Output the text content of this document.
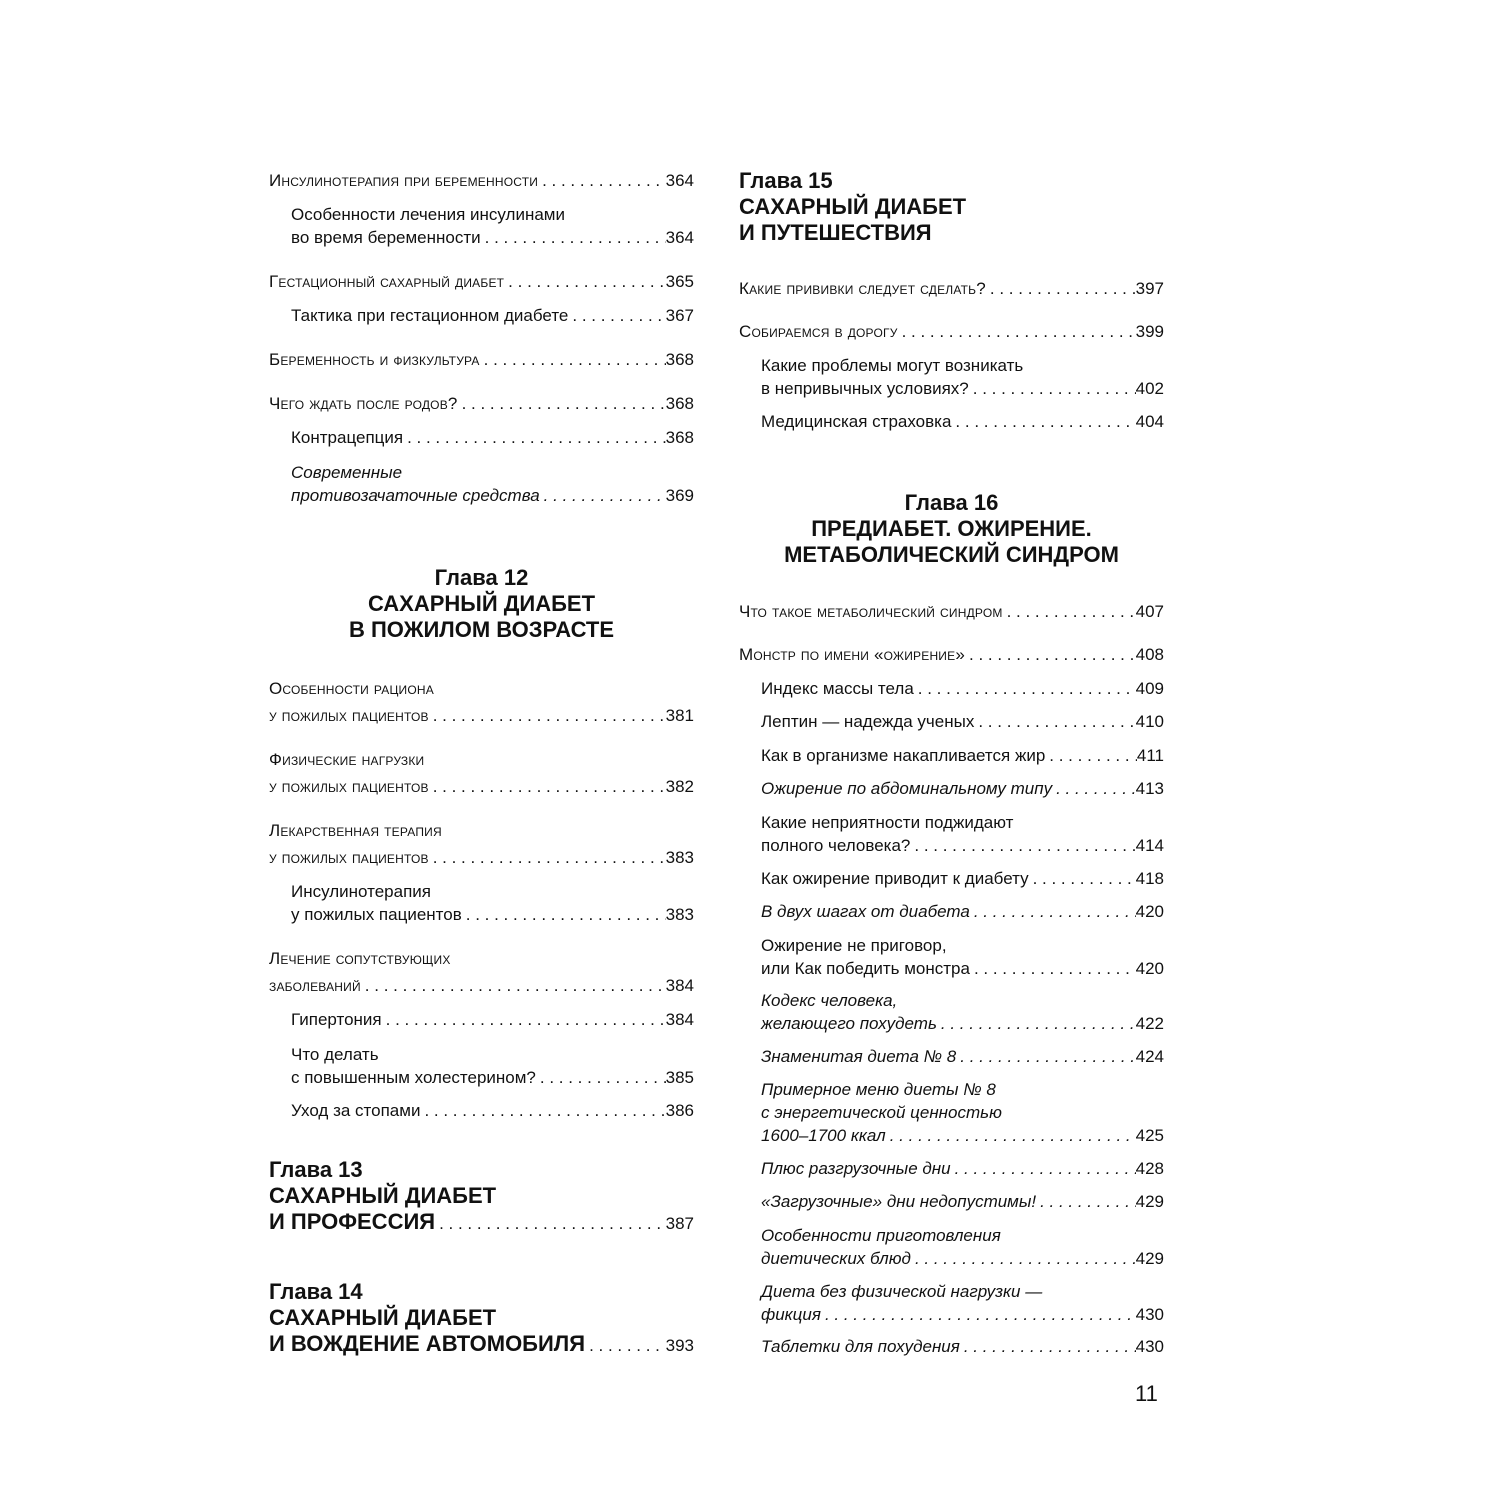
Инсулинотерапия при беременности . . .	364
Особенности лечения инсулинами
во время беременности . . .	364
Гестационный сахарный диабет . . .	365
Тактика при гестационном диабете . . .	367
Беременность и физкультура . . .	368
Чего ждать после родов? . . .	368
Контрацепция . . .	368
Современные
противозачаточные средства . . .	369
Глава 12
САХАРНЫЙ ДИАБЕТ
В ПОЖИЛОМ ВОЗРАСТЕ
Особенности рациона
у пожилых пациентов . . .	381
Физические нагрузки
у пожилых пациентов . . .	382
Лекарственная терапия
у пожилых пациентов . . .	383
Инсулинотерапия
у пожилых пациентов . . .	383
Лечение сопутствующих
заболеваний . . .	384
Гипертония . . .	384
Что делать
с повышенным холестерином? . . .	385
Уход за стопами . . .	386
Глава 13
САХАРНЫЙ ДИАБЕТ
И ПРОФЕССИЯ . . .	387
Глава 14
САХАРНЫЙ ДИАБЕТ
И ВОЖДЕНИЕ АВТОМОБИЛЯ . . .	393
Глава 15
САХАРНЫЙ ДИАБЕТ
И ПУТЕШЕСТВИЯ
Какие прививки следует сделать? . . .	397
Собираемся в дорогу . . .	399
Какие проблемы могут возникать
в непривычных условиях? . . .	402
Медицинская страховка . . .	404
Глава 16
ПРЕДИАБЕТ. ОЖИРЕНИЕ.
МЕТАБОЛИЧЕСКИЙ СИНДРОМ
Что такое метаболический синдром . . .	407
Монстр по имени «ожирение» . . .	408
Индекс массы тела . . .	409
Лептин — надежда ученых . . .	410
Как в организме накапливается жир . . .	411
Ожирение по абдоминальному типу . . .	413
Какие неприятности поджидают
полного человека? . . .	414
Как ожирение приводит к диабету . . .	418
В двух шагах от диабета . . .	420
Ожирение не приговор,
или Как победить монстра . . .	420
Кодекс человека,
желающего похудеть . . .	422
Знаменитая диета № 8 . . .	424
Примерное меню диеты № 8
с энергетической ценностью
1600–1700 ккал . . .	425
Плюс разгрузочные дни . . .	428
«Загрузочные» дни недопустимы! . . .	429
Особенности приготовления
диетических блюд . . .	429
Диета без физической нагрузки —
фикция . . .	430
Таблетки для похудения . . .	430
11
